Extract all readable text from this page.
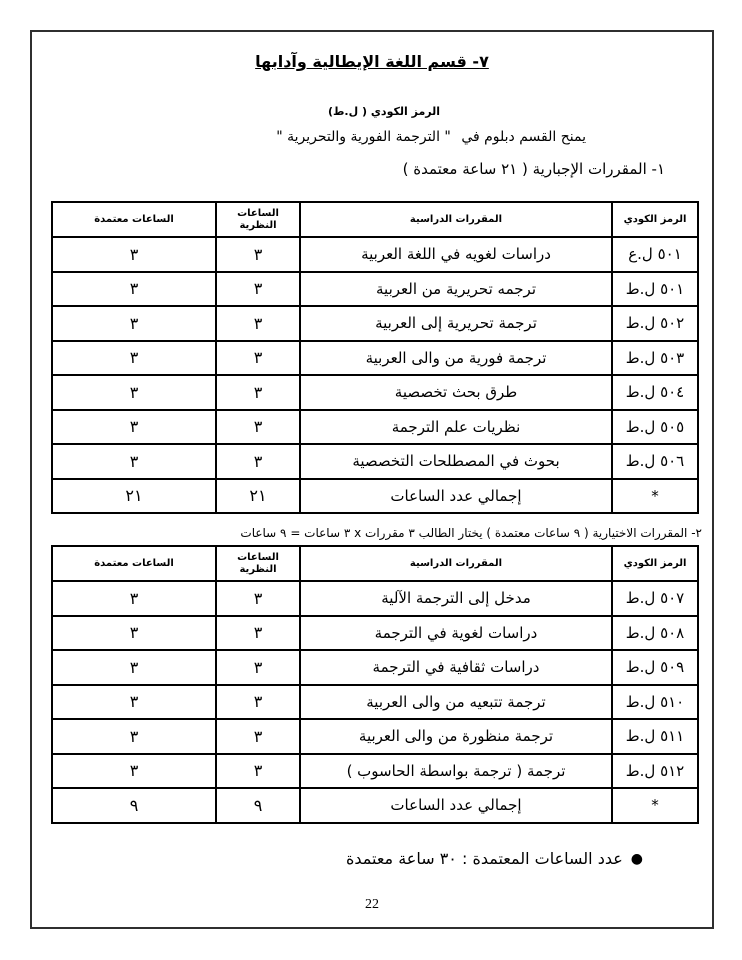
٧- قسم اللغة الإيطالية وآدابها
الرمز الكودي ( ل.ط)
يمنح القسم دبلوم في " الترجمة الفورية والتحريرية "
١- المقررات الإجبارية ( ٢١ ساعة معتمدة )
الرمز الكودي	المقررات الدراسية	الساعات النظرية	الساعات معتمدة
٥٠١ ل.ع	دراسات لغويه في اللغة العربية	٣	٣
٥٠١ ل.ط	ترجمه تحريرية من العربية	٣	٣
٥٠٢ ل.ط	ترجمة تحريرية إلى العربية	٣	٣
٥٠٣ ل.ط	ترجمة فورية من والى العربية	٣	٣
٥٠٤ ل.ط	طرق بحث تخصصية	٣	٣
٥٠٥ ل.ط	نظريات علم الترجمة	٣	٣
٥٠٦ ل.ط	بحوث في المصطلحات التخصصية	٣	٣
*	إجمالي عدد الساعات	٢١	٢١
٢- المقررات الاختيارية ( ٩ ساعات معتمدة ) يختار الطالب ٣ مقررات x ٣ ساعات = ٩ ساعات
الرمز الكودي	المقررات الدراسية	الساعات النظرية	الساعات معتمدة
٥٠٧ ل.ط	مدخل إلى الترجمة الآلية	٣	٣
٥٠٨ ل.ط	دراسات لغوية في الترجمة	٣	٣
٥٠٩ ل.ط	دراسات ثقافية في الترجمة	٣	٣
٥١٠ ل.ط	ترجمة تتبعيه من والى العربية	٣	٣
٥١١ ل.ط	ترجمة منظورة من والى العربية	٣	٣
٥١٢ ل.ط	ترجمة ( ترجمة بواسطة الحاسوب )	٣	٣
*	إجمالي عدد الساعات	٩	٩
●
عدد الساعات المعتمدة : ٣٠ ساعة معتمدة
22
